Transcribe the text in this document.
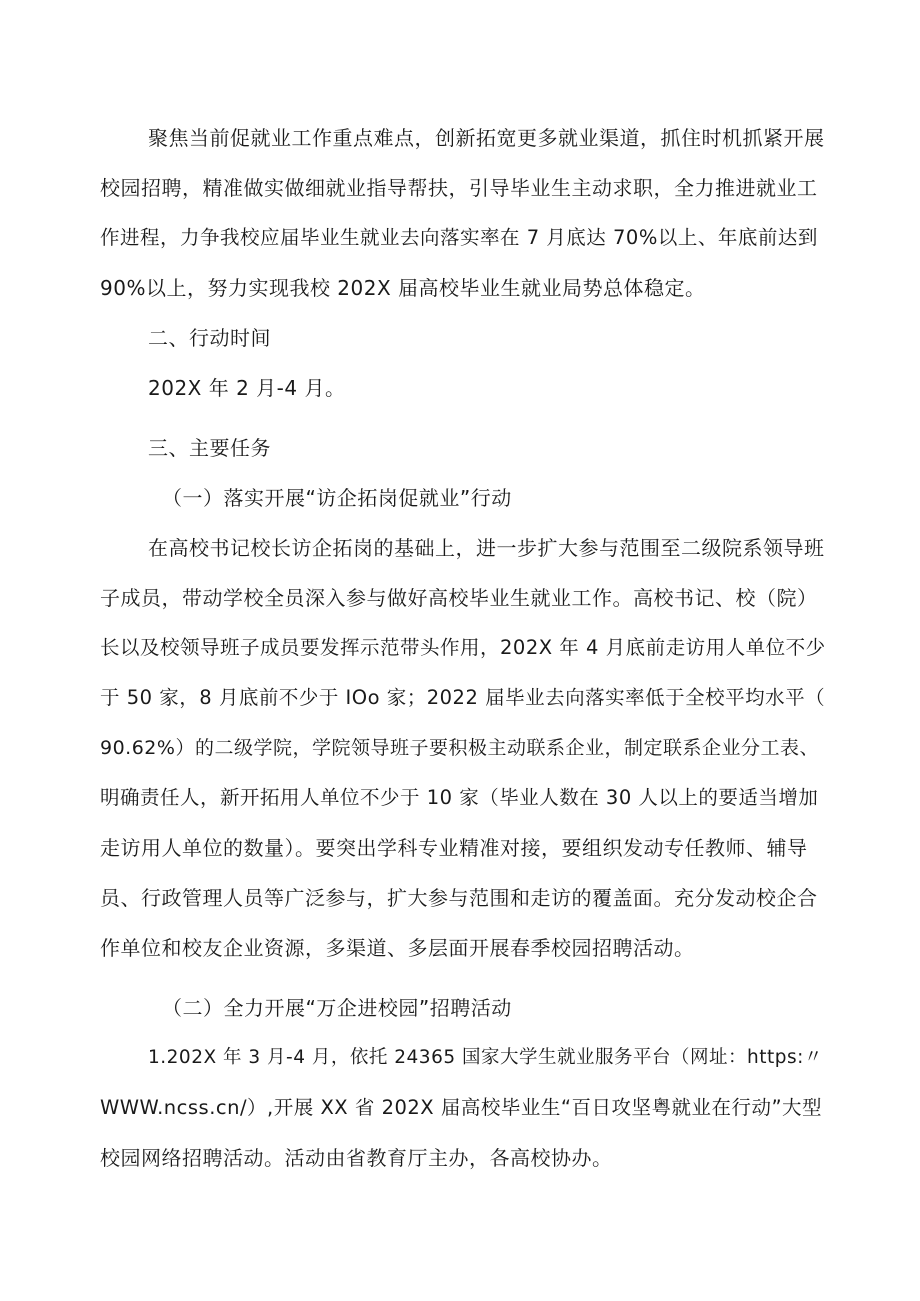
聚焦当前促就业工作重点难点，创新拓宽更多就业渠道，抓住时机抓紧开展
校园招聘，精准做实做细就业指导帮扶，引导毕业生主动求职，全力推进就业工
作进程，力争我校应届毕业生就业去向落实率在 7 月底达 70%以上、年底前达到
90%以上，努力实现我校 202X 届高校毕业生就业局势总体稳定。
二、行动时间
202X 年 2 月-4 月。
三、主要任务
（一）落实开展“访企拓岗促就业”行动
在高校书记校长访企拓岗的基础上，进一步扩大参与范围至二级院系领导班
子成员，带动学校全员深入参与做好高校毕业生就业工作。高校书记、校（院）
长以及校领导班子成员要发挥示范带头作用，202X 年 4 月底前走访用人单位不少
于 50 家，8 月底前不少于 IOo 家；2022 届毕业去向落实率低于全校平均水平（
90.62%）的二级学院，学院领导班子要积极主动联系企业，制定联系企业分工表、
明确责任人，新开拓用人单位不少于 10 家（毕业人数在 30 人以上的要适当增加
走访用人单位的数量）。要突出学科专业精准对接，要组织发动专任教师、辅导
员、行政管理人员等广泛参与，扩大参与范围和走访的覆盖面。充分发动校企合
作单位和校友企业资源，多渠道、多层面开展春季校园招聘活动。
（二）全力开展“万企进校园”招聘活动
1.202X 年 3 月-4 月，依托 24365 国家大学生就业服务平台（网址：https:〃
WWW.ncss.cn/）,开展 XX 省 202X 届高校毕业生“百日攻坚粤就业在行动”大型
校园网络招聘活动。活动由省教育厅主办，各高校协办。
